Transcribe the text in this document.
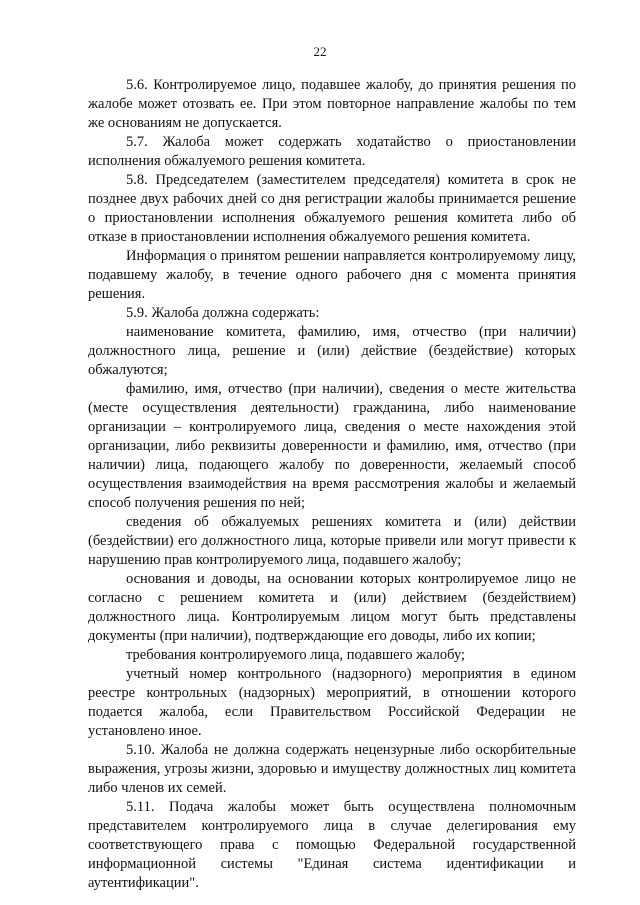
22

5.6. Контролируемое лицо, подавшее жалобу, до принятия решения по жалобе может отозвать ее. При этом повторное направление жалобы по тем же основаниям не допускается.

5.7. Жалоба может содержать ходатайство о приостановлении исполнения обжалуемого решения комитета.

5.8. Председателем (заместителем председателя) комитета в срок не позднее двух рабочих дней со дня регистрации жалобы принимается решение о приостановлении исполнения обжалуемого решения комитета либо об отказе в приостановлении исполнения обжалуемого решения комитета.

Информация о принятом решении направляется контролируемому лицу, подавшему жалобу, в течение одного рабочего дня с момента принятия решения.

5.9. Жалоба должна содержать:

наименование комитета, фамилию, имя, отчество (при наличии) должностного лица, решение и (или) действие (бездействие) которых обжалуются;

фамилию, имя, отчество (при наличии), сведения о месте жительства (месте осуществления деятельности) гражданина, либо наименование организации – контролируемого лица, сведения о месте нахождения этой организации, либо реквизиты доверенности и фамилию, имя, отчество (при наличии) лица, подающего жалобу по доверенности, желаемый способ осуществления взаимодействия на время рассмотрения жалобы и желаемый способ получения решения по ней;

сведения об обжалуемых решениях комитета и (или) действии (бездействии) его должностного лица, которые привели или могут привести к нарушению прав контролируемого лица, подавшего жалобу;

основания и доводы, на основании которых контролируемое лицо не согласно с решением комитета и (или) действием (бездействием) должностного лица. Контролируемым лицом могут быть представлены документы (при наличии), подтверждающие его доводы, либо их копии;

требования контролируемого лица, подавшего жалобу;

учетный номер контрольного (надзорного) мероприятия в едином реестре контрольных (надзорных) мероприятий, в отношении которого подается жалоба, если Правительством Российской Федерации не установлено иное.

5.10. Жалоба не должна содержать нецензурные либо оскорбительные выражения, угрозы жизни, здоровью и имуществу должностных лиц комитета либо членов их семей.

5.11. Подача жалобы может быть осуществлена полномочным представителем контролируемого лица в случае делегирования ему соответствующего права с помощью Федеральной государственной информационной системы "Единая система идентификации и аутентификации".
